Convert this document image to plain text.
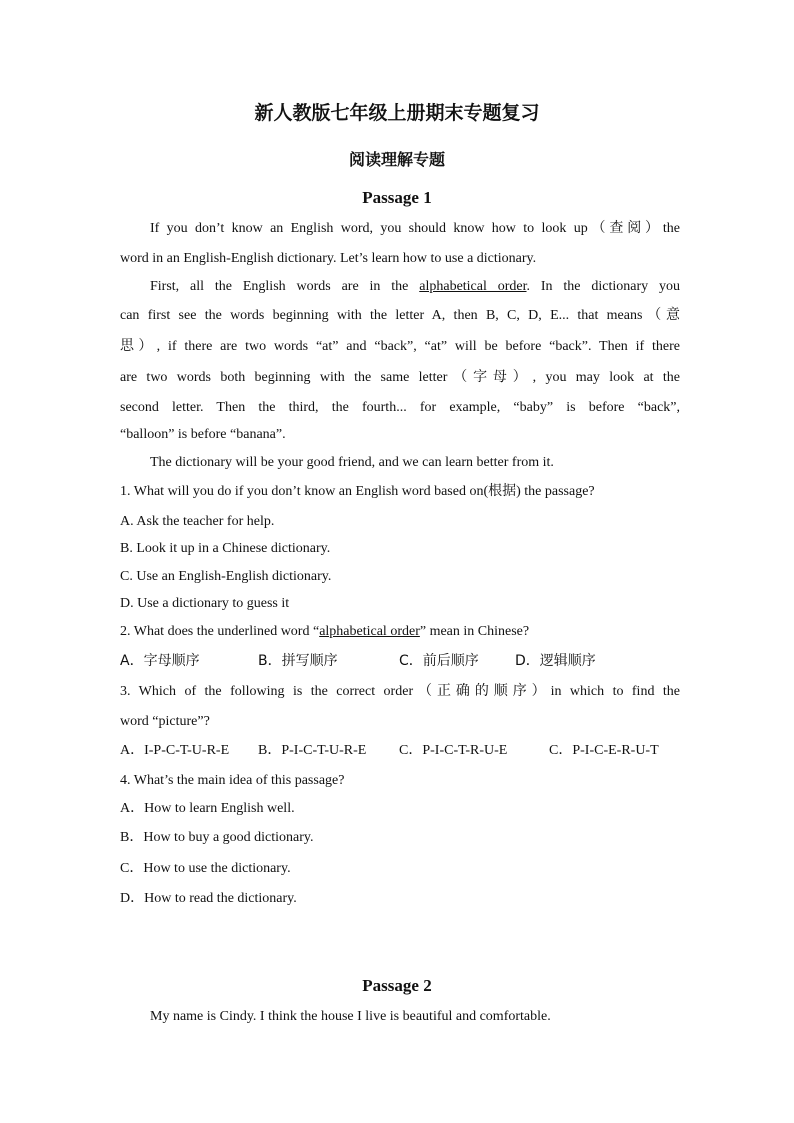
新人教版七年级上册期末专题复习
阅读理解专题
Passage 1
If you don’t know an English word, you should know how to look up（查阅）the
word in an English-English dictionary. Let’s learn how to use a dictionary.
First, all the English words are in the alphabetical order. In the dictionary you
can first see the words beginning with the letter A, then B, C, D, E... that means（意
思）, if there are two words “at” and “back”, “at” will be before “back”. Then if there
are two words both beginning with the same letter（字母）, you may look at the
second letter. Then the third, the fourth... for example, “baby” is before “back”,
“balloon” is before “banana”.
The dictionary will be your good friend, and we can learn better from it.
1. What will you do if you don’t know an English word based on(根据) the passage?
A. Ask the teacher for help.
B. Look it up in a Chinese dictionary.
C. Use an English-English dictionary.
D. Use a dictionary to guess it
2. What does the underlined word “alphabetical order” mean in Chinese?
A．字母顺序	B．拼写顺序	C．前后顺序	D．逻辑顺序
3. Which of the following is the correct order（正确的顺序）in which to find the
word “picture”?
A．I-P-C-T-U-R-E B．P-I-C-T-U-R-E C．P-I-C-T-R-U-E	C．P-I-C-E-R-U-T
4. What’s the main idea of this passage?
A．How to learn English well.
B．How to buy a good dictionary.
C．How to use the dictionary.
D．How to read the dictionary.
Passage 2
My name is Cindy. I think the house I live is beautiful and comfortable.
